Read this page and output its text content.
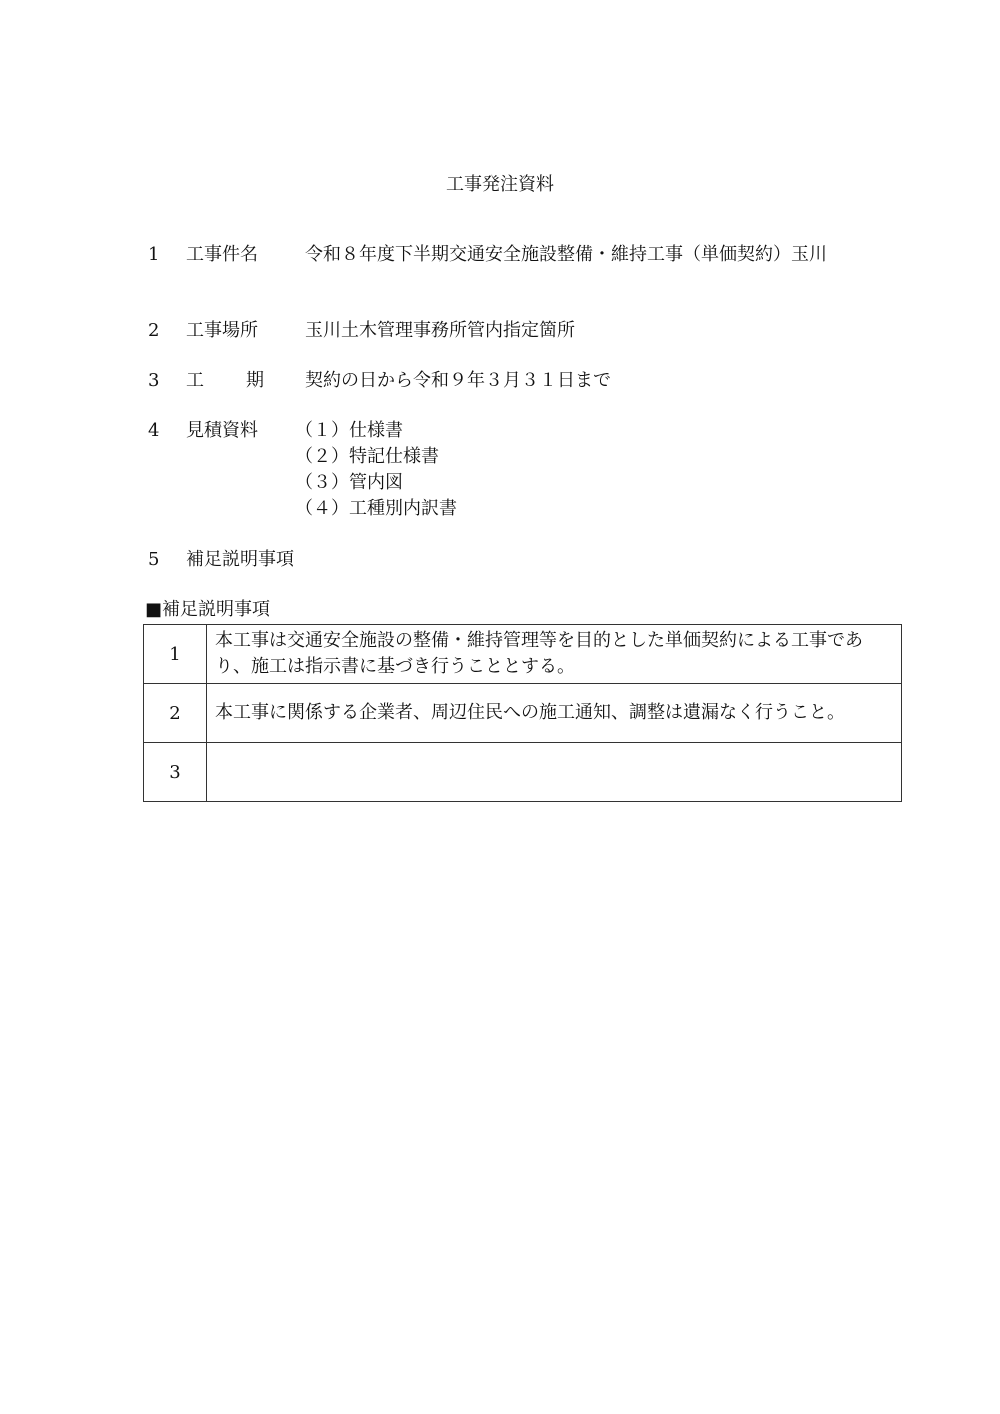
工事発注資料
1 工事件名	令和８年度下半期交通安全施設整備・維持工事（単価契約）玉川
2 工事場所	玉川土木管理事務所管内指定箇所
3 工 期 契約の日から令和９年３月３１日まで
4 見積資料 （１）仕様書
（２）特記仕様書
（３）管内図
（４）工種別内訳書
5 補足説明事項
■補足説明事項
1	本工事は交通安全施設の整備・維持管理等を目的とした単価契約による工事であり、施工は指示書に基づき行うこととする。
2	本工事に関係する企業者、周辺住民への施工通知、調整は遺漏なく行うこと。
3	
